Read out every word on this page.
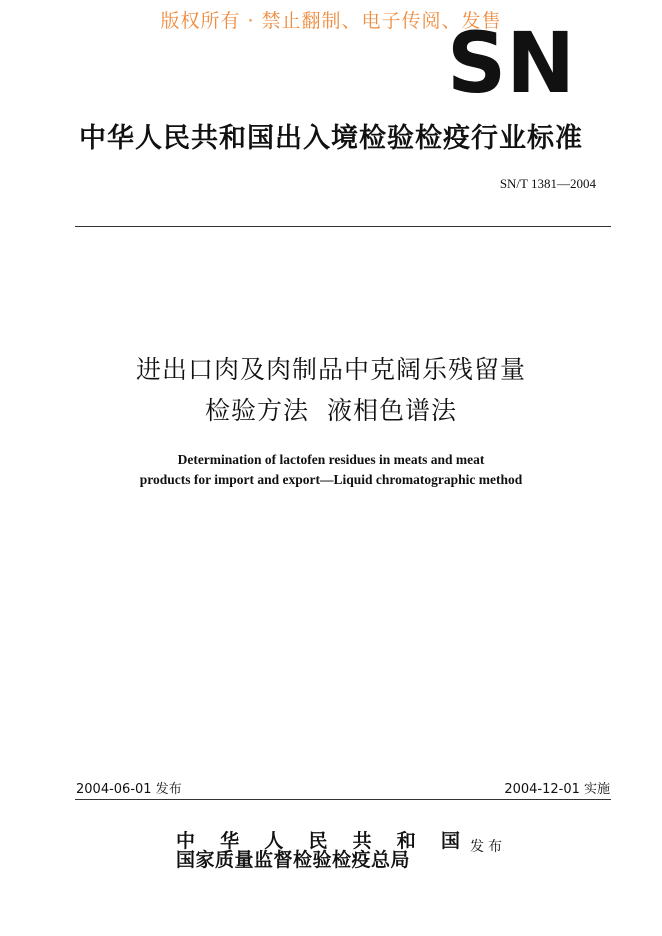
版权所有 · 禁止翻制、电子传阅、发售
SN
中华人民共和国出入境检验检疫行业标准
SN/T 1381—2004
进出口肉及肉制品中克阔乐残留量
检验方法 液相色谱法
Determination of lactofen residues in meats and meat
products for import and export—Liquid chromatographic method
2004-06-01 发布	2004-12-01 实施
中 华 人 民 共 和 国
国家质量监督检验检疫总局
发布
